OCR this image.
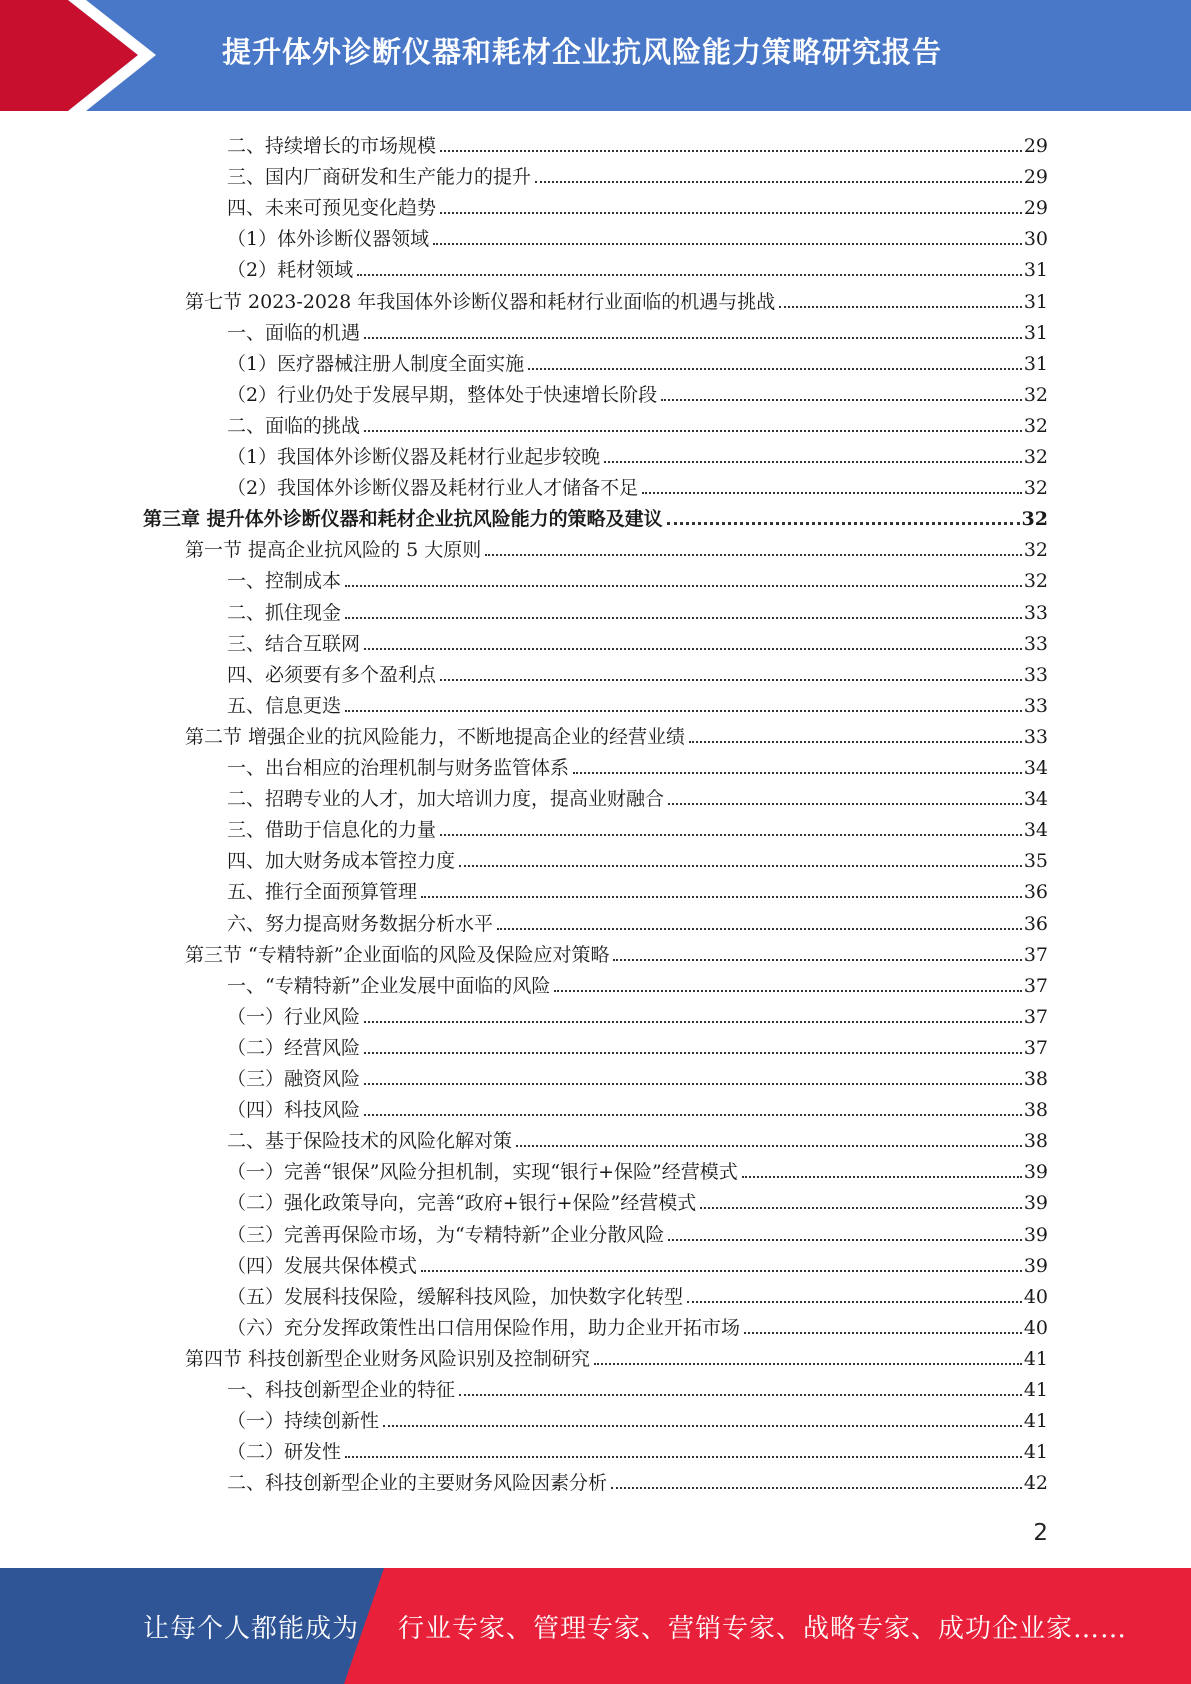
提升体外诊断仪器和耗材企业抗风险能力策略研究报告
二、持续增长的市场规模	29
三、国内厂商研发和生产能力的提升	29
四、未来可预见变化趋势	29
（1）体外诊断仪器领域	30
（2）耗材领域	31
第七节 2023-2028 年我国体外诊断仪器和耗材行业面临的机遇与挑战	31
一、面临的机遇	31
（1）医疗器械注册人制度全面实施	31
（2）行业仍处于发展早期，整体处于快速增长阶段	32
二、面临的挑战	32
（1）我国体外诊断仪器及耗材行业起步较晚	32
（2）我国体外诊断仪器及耗材行业人才储备不足	32
第三章 提升体外诊断仪器和耗材企业抗风险能力的策略及建议	32
第一节 提高企业抗风险的 5 大原则	32
一、控制成本	32
二、抓住现金	33
三、结合互联网	33
四、必须要有多个盈利点	33
五、信息更迭	33
第二节 增强企业的抗风险能力，不断地提高企业的经营业绩	33
一、出台相应的治理机制与财务监管体系	34
二、招聘专业的人才，加大培训力度，提高业财融合	34
三、借助于信息化的力量	34
四、加大财务成本管控力度	35
五、推行全面预算管理	36
六、努力提高财务数据分析水平	36
第三节 “专精特新”企业面临的风险及保险应对策略	37
一、“专精特新”企业发展中面临的风险	37
（一）行业风险	37
（二）经营风险	37
（三）融资风险	38
（四）科技风险	38
二、基于保险技术的风险化解对策	38
（一）完善“银保”风险分担机制，实现“银行+保险”经营模式	39
（二）强化政策导向，完善“政府+银行+保险”经营模式	39
（三）完善再保险市场，为“专精特新”企业分散风险	39
（四）发展共保体模式	39
（五）发展科技保险，缓解科技风险，加快数字化转型	40
（六）充分发挥政策性出口信用保险作用，助力企业开拓市场	40
第四节 科技创新型企业财务风险识别及控制研究	41
一、科技创新型企业的特征	41
（一）持续创新性	41
（二）研发性	41
二、科技创新型企业的主要财务风险因素分析	42
2
让每个人都能成为 行业专家、管理专家、营销专家、战略专家、成功企业家……
